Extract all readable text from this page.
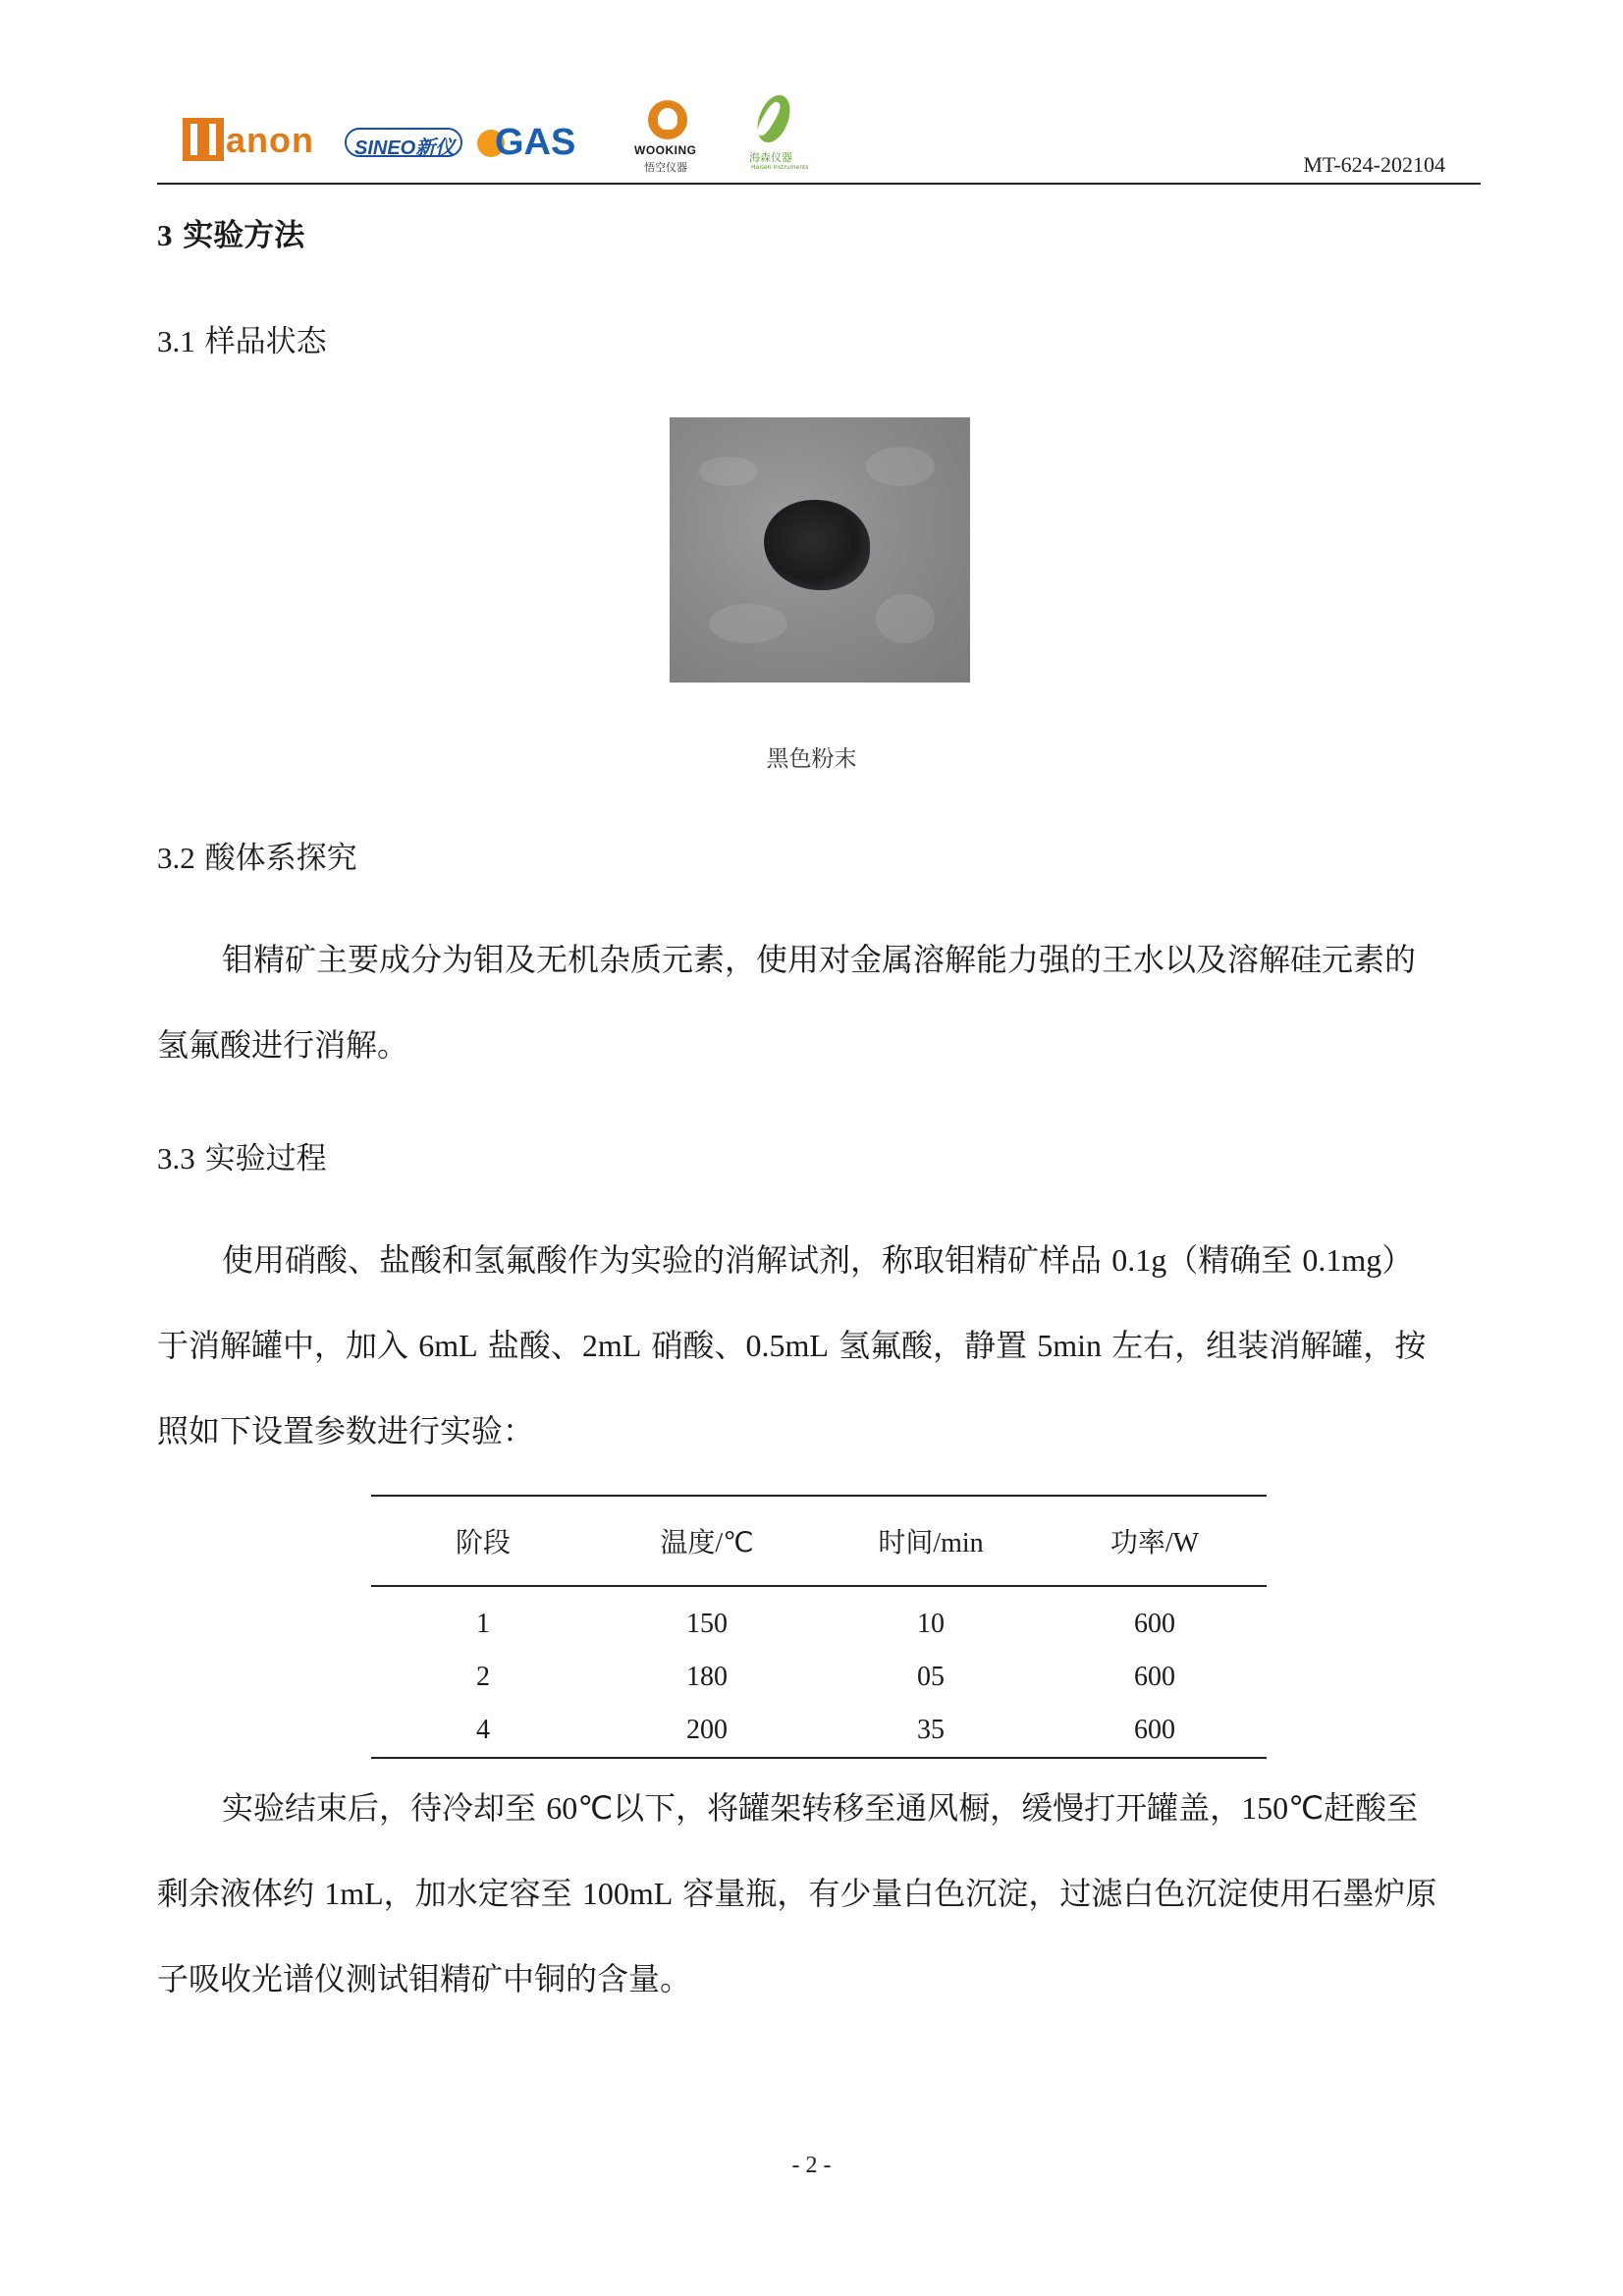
anon SINEO新仪 GAS	WOOKING
悟空仪器
海森仪器
Haisen Instruments	MT-624-202104
3 实验方法
3.1 样品状态
黑色粉末
3.2 酸体系探究
钼精矿主要成分为钼及无机杂质元素，使用对金属溶解能力强的王水以及溶解硅元素的
氢氟酸进行消解。
3.3 实验过程
使用硝酸、盐酸和氢氟酸作为实验的消解试剂，称取钼精矿样品 0.1g（精确至 0.1mg）
于消解罐中，加入 6mL 盐酸、2mL 硝酸、0.5mL 氢氟酸，静置 5min 左右，组装消解罐，按
照如下设置参数进行实验：
阶段	温度/℃	时间/min	功率/W
1	150	10	600
2	180	05	600
4	200	35	600
实验结束后，待冷却至 60℃以下，将罐架转移至通风橱，缓慢打开罐盖，150℃赶酸至
剩余液体约 1mL，加水定容至 100mL 容量瓶，有少量白色沉淀，过滤白色沉淀使用石墨炉原
子吸收光谱仪测试钼精矿中铜的含量。
- 2 -
